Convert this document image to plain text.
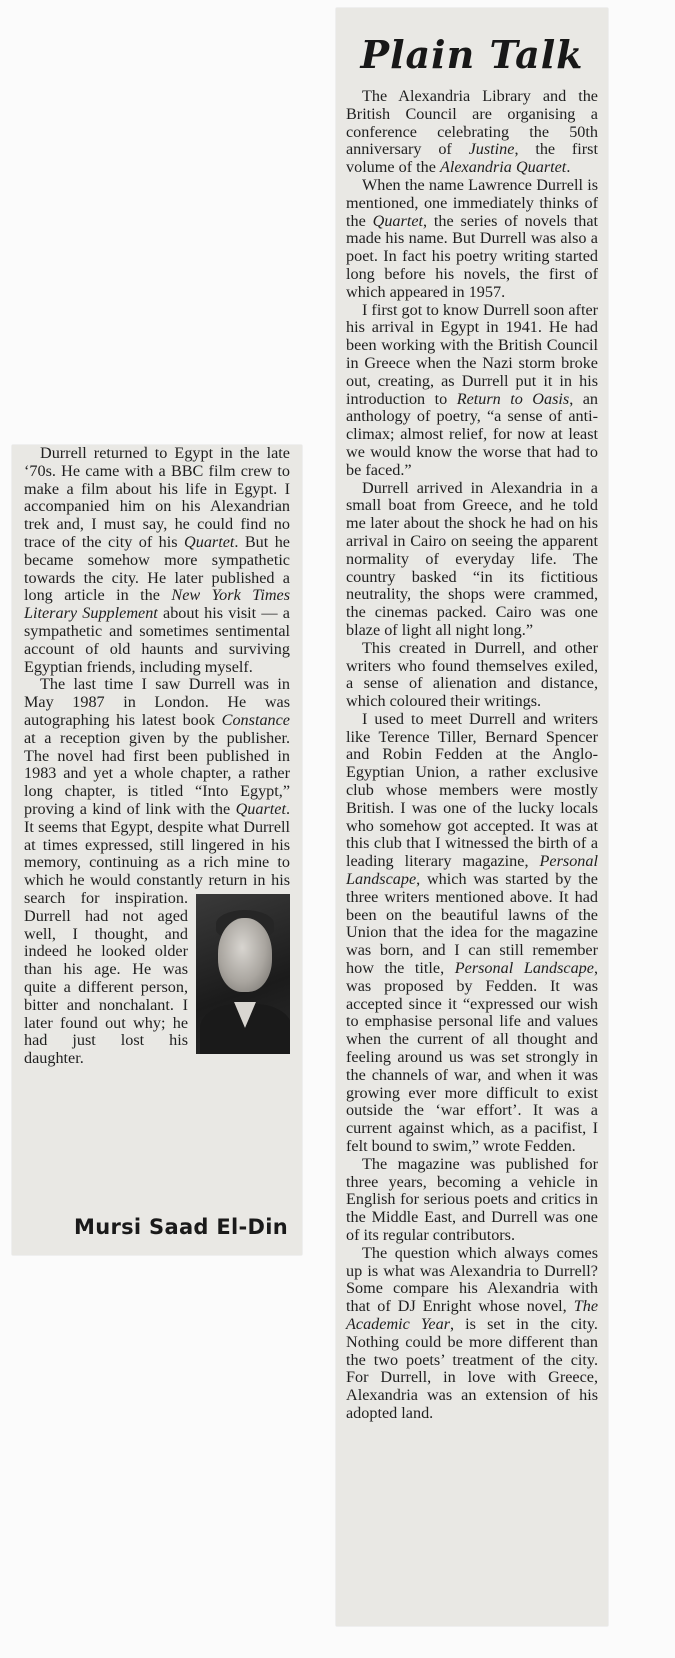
Plain Talk

The Alexandria Library and the British Council are organising a conference celebrating the 50th anniversary of Justine, the first volume of the Alexandria Quartet.

When the name Lawrence Durrell is mentioned, one immediately thinks of the Quartet, the series of novels that made his name. But Durrell was also a poet. In fact his poetry writing started long before his novels, the first of which appeared in 1957.

I first got to know Durrell soon after his arrival in Egypt in 1941. He had been working with the British Council in Greece when the Nazi storm broke out, creating, as Durrell put it in his introduction to Return to Oasis, an anthology of poetry, “a sense of anti-climax; almost relief, for now at least we would know the worse that had to be faced.”

Durrell arrived in Alexandria in a small boat from Greece, and he told me later about the shock he had on his arrival in Cairo on seeing the apparent normality of everyday life. The country basked “in its fictitious neutrality, the shops were crammed, the cinemas packed. Cairo was one blaze of light all night long.”

This created in Durrell, and other writers who found themselves exiled, a sense of alienation and distance, which coloured their writings.

I used to meet Durrell and writers like Terence Tiller, Bernard Spencer and Robin Fedden at the Anglo-Egyptian Union, a rather exclusive club whose members were mostly British. I was one of the lucky locals who somehow got accepted. It was at this club that I witnessed the birth of a leading literary magazine, Personal Landscape, which was started by the three writers mentioned above. It had been on the beautiful lawns of the Union that the idea for the magazine was born, and I can still remember how the title, Personal Landscape, was proposed by Fedden. It was accepted since it “expressed our wish to emphasise personal life and values when the current of all thought and feeling around us was set strongly in the channels of war, and when it was growing ever more difficult to exist outside the ‘war effort’. It was a current against which, as a pacifist, I felt bound to swim,” wrote Fedden.

The magazine was published for three years, becoming a vehicle in English for serious poets and critics in the Middle East, and Durrell was one of its regular contributors.

The question which always comes up is what was Alexandria to Durrell? Some compare his Alexandria with that of DJ Enright whose novel, The Academic Year, is set in the city. Nothing could be more different than the two poets’ treatment of the city. For Durrell, in love with Greece, Alexandria was an extension of his adopted land.

Durrell returned to Egypt in the late ‘70s. He came with a BBC film crew to make a film about his life in Egypt. I accompanied him on his Alexandrian trek and, I must say, he could find no trace of the city of his Quartet. But he became somehow more sympathetic towards the city. He later published a long article in the New York Times Literary Supplement about his visit — a sympathetic and sometimes sentimental account of old haunts and surviving Egyptian friends, including myself.

The last time I saw Durrell was in May 1987 in London. He was autographing his latest book Constance at a reception given by the publisher. The novel had first been published in 1983 and yet a whole chapter, a rather long chapter, is titled “Into Egypt,” proving a kind of link with the Quartet. It seems that Egypt, despite what Durrell at times expressed, still lingered in his memory, continuing as a rich mine to which he would constantly return in his search for inspiration.
Durrell had not aged well, I thought, and indeed he looked older than his age. He was quite a different person, bitter and nonchalant. I later found out why; he had just lost his daughter.

Mursi Saad El-Din
